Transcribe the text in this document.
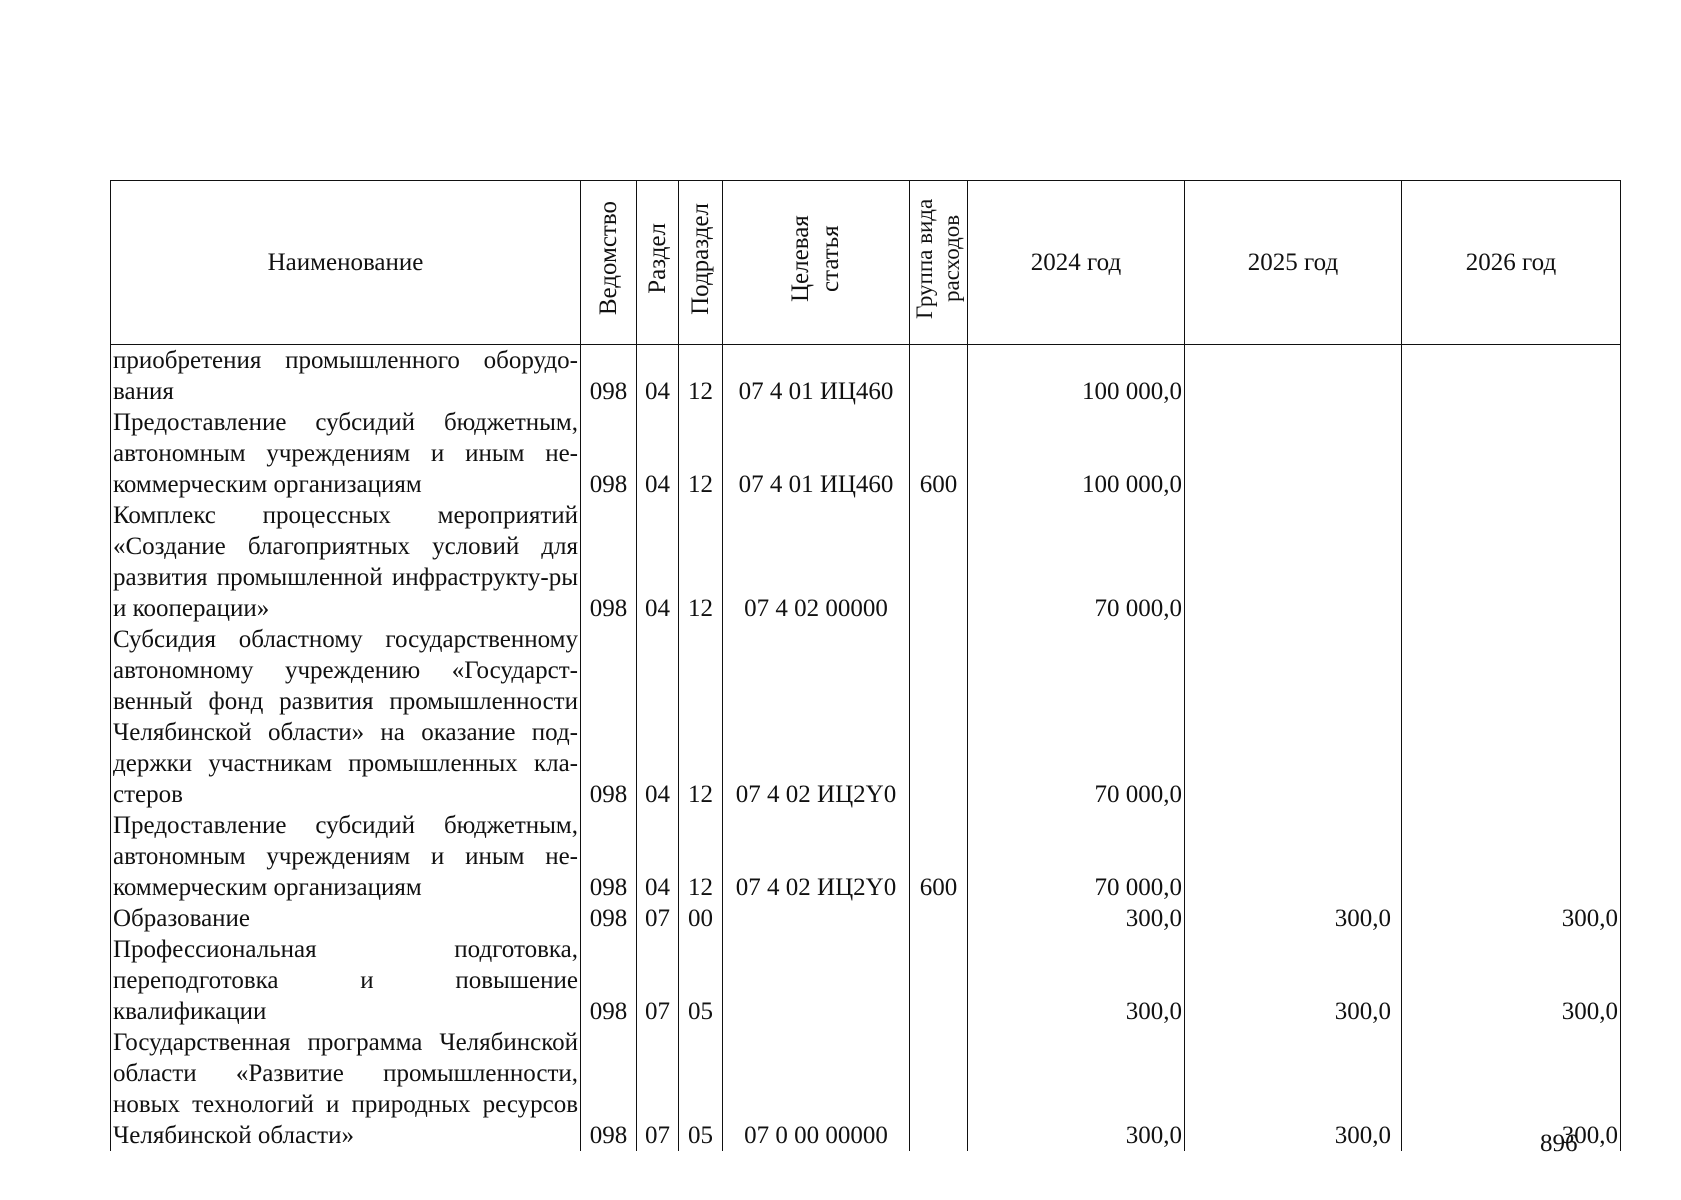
Наименование	Ведомство	Раздел	Подраздел	Целевая статья	Группа вида расходов	2024 год	2025 год	2026 год
приобретения промышленного оборудо-вания	098	04	12	07 4 01 ИЦ460		100 000,0		
Предоставление субсидий бюджетным, автономным учреждениям и иным не-коммерческим организациям	098	04	12	07 4 01 ИЦ460	600	100 000,0		
Комплекс процессных мероприятий «Создание благоприятных условий для развития промышленной инфраструкту-ры и кооперации»	098	04	12	07 4 02 00000		70 000,0		
Субсидия областному государственному автономному учреждению «Государст-венный фонд развития промышленности Челябинской области» на оказание под-держки участникам промышленных кла-стеров	098	04	12	07 4 02 ИЦ2Y0		70 000,0		
Предоставление субсидий бюджетным, автономным учреждениям и иным не-коммерческим организациям	098	04	12	07 4 02 ИЦ2Y0	600	70 000,0		
Образование	098	07	00			300,0	300,0	300,0
Профессиональная подготовка, переподготовка и повышение квалификации	098	07	05			300,0	300,0	300,0
Государственная программа Челябинской области «Развитие промышленности, новых технологий и природных ресурсов Челябинской области»	098	07	05	07 0 00 00000		300,0	300,0	300,0
896
